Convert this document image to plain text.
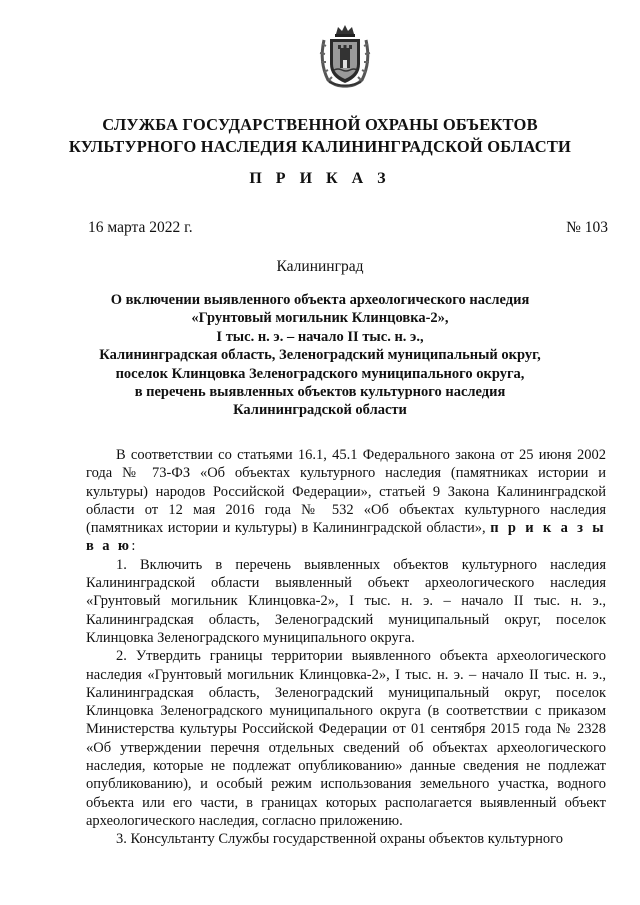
СЛУЖБА ГОСУДАРСТВЕННОЙ ОХРАНЫ ОБЪЕКТОВ
КУЛЬТУРНОГО НАСЛЕДИЯ КАЛИНИНГРАДСКОЙ ОБЛАСТИ
П Р И К А З
16 марта 2022 г.	№ 103
Калининград
О включении выявленного объекта археологического наследия
«Грунтовый могильник Клинцовка-2»,
I тыс. н. э. – начало II тыс. н. э.,
Калининградская область, Зеленоградский муниципальный округ,
поселок Клинцовка Зеленоградского муниципального округа,
в перечень выявленных объектов культурного наследия
Калининградской области

В соответствии со статьями 16.1, 45.1 Федерального закона от 25 июня 2002 года № 73-ФЗ «Об объектах культурного наследия (памятниках истории и культуры) народов Российской Федерации», статьей 9 Закона Калининградской области от 12 мая 2016 года № 532 «Об объектах культурного наследия (памятниках истории и культуры) в Калининградской области», п р и к а з ы в а ю:

1. Включить в перечень выявленных объектов культурного наследия Калининградской области выявленный объект археологического наследия «Грунтовый могильник Клинцовка-2», I тыс. н. э. – начало II тыс. н. э., Калининградская область, Зеленоградский муниципальный округ, поселок Клинцовка Зеленоградского муниципального округа.

2. Утвердить границы территории выявленного объекта археологического наследия «Грунтовый могильник Клинцовка-2», I тыс. н. э. – начало II тыс. н. э., Калининградская область, Зеленоградский муниципальный округ, поселок Клинцовка Зеленоградского муниципального округа (в соответствии с приказом Министерства культуры Российской Федерации от 01 сентября 2015 года № 2328 «Об утверждении перечня отдельных сведений об объектах археологического наследия, которые не подлежат опубликованию» данные сведения не подлежат опубликованию), и особый режим использования земельного участка, водного объекта или его части, в границах которых располагается выявленный объект археологического наследия, согласно приложению.

3. Консультанту Службы государственной охраны объектов культурного
